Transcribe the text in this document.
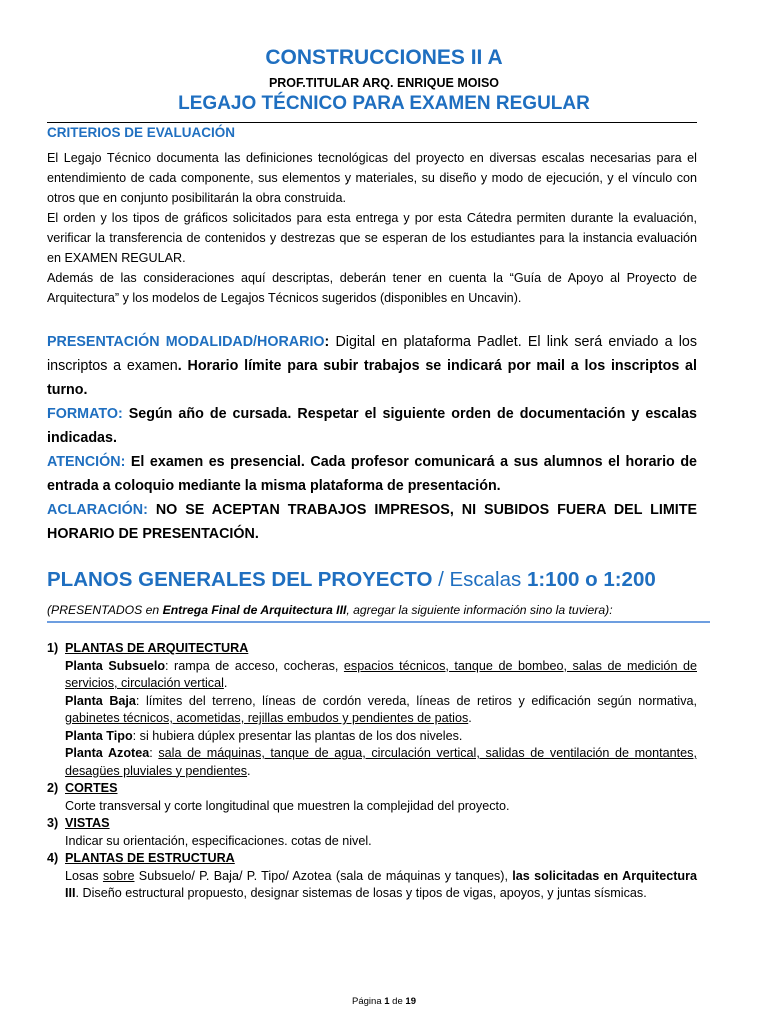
CONSTRUCCIONES II A
PROF.TITULAR ARQ. ENRIQUE MOISO
LEGAJO TÉCNICO PARA EXAMEN REGULAR
CRITERIOS DE EVALUACIÓN

El Legajo Técnico documenta las definiciones tecnológicas del proyecto en diversas escalas necesarias para el entendimiento de cada componente, sus elementos y materiales, su diseño y modo de ejecución, y el vínculo con otros que en conjunto posibilitarán la obra construida.

El orden y los tipos de gráficos solicitados para esta entrega y por esta Cátedra permiten durante la evaluación, verificar la transferencia de contenidos y destrezas que se esperan de los estudiantes para la instancia evaluación en EXAMEN REGULAR.

Además de las consideraciones aquí descriptas, deberán tener en cuenta la “Guía de Apoyo al Proyecto de Arquitectura” y los modelos de Legajos Técnicos sugeridos (disponibles en Uncavin).

PRESENTACIÓN MODALIDAD/HORARIO: Digital en plataforma Padlet. El link será enviado a los inscriptos a examen. Horario límite para subir trabajos se indicará por mail a los inscriptos al turno.

FORMATO: Según año de cursada. Respetar el siguiente orden de documentación y escalas indicadas.

ATENCIÓN: El examen es presencial. Cada profesor comunicará a sus alumnos el horario de entrada a coloquio mediante la misma plataforma de presentación.

ACLARACIÓN: NO SE ACEPTAN TRABAJOS IMPRESOS, NI SUBIDOS FUERA DEL LIMITE HORARIO DE PRESENTACIÓN.

PLANOS GENERALES DEL PROYECTO / Escalas 1:100 o 1:200
(PRESENTADOS en Entrega Final de Arquitectura III, agregar la siguiente información sino la tuviera):
1) PLANTAS DE ARQUITECTURA
Planta Subsuelo: rampa de acceso, cocheras, espacios técnicos, tanque de bombeo, salas de medición de servicios, circulación vertical.
Planta Baja: límites del terreno, líneas de cordón vereda, líneas de retiros y edificación según normativa, gabinetes técnicos, acometidas, rejillas embudos y pendientes de patios.
Planta Tipo: si hubiera dúplex presentar las plantas de los dos niveles.
Planta Azotea: sala de máquinas, tanque de agua, circulación vertical, salidas de ventilación de montantes, desagües pluviales y pendientes.
2) CORTES
Corte transversal y corte longitudinal que muestren la complejidad del proyecto.
3) VISTAS
Indicar su orientación, especificaciones. cotas de nivel.
4) PLANTAS DE ESTRUCTURA
Losas sobre Subsuelo/ P. Baja/ P. Tipo/ Azotea (sala de máquinas y tanques), las solicitadas en Arquitectura III. Diseño estructural propuesto, designar sistemas de losas y tipos de vigas, apoyos, y juntas sísmicas.
Página 1 de 19
